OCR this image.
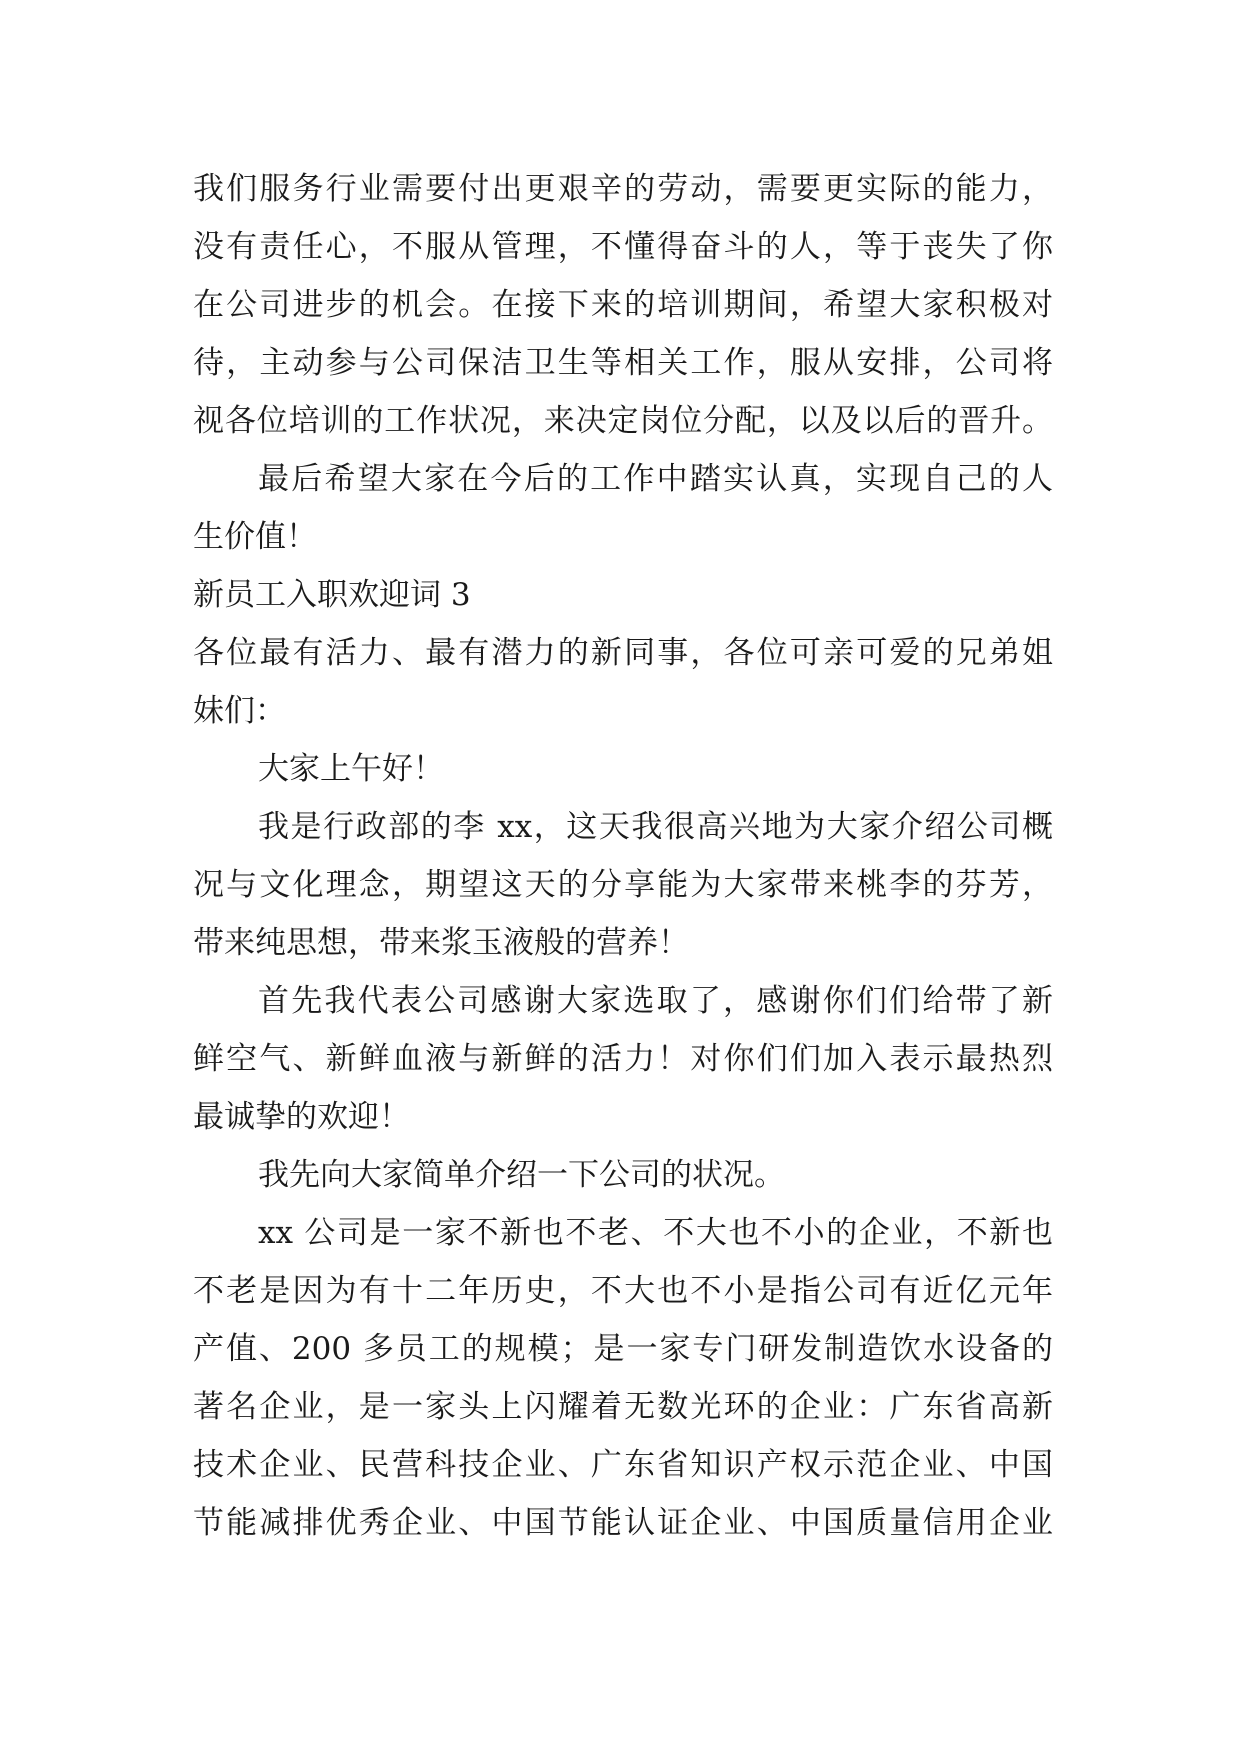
我们服务行业需要付出更艰辛的劳动，需要更实际的能力，
没有责任心，不服从管理，不懂得奋斗的人，等于丧失了你
在公司进步的机会。在接下来的培训期间，希望大家积极对
待，主动参与公司保洁卫生等相关工作，服从安排，公司将
视各位培训的工作状况，来决定岗位分配，以及以后的晋升。
最后希望大家在今后的工作中踏实认真，实现自己的人
生价值！
新员工入职欢迎词 3
各位最有活力、最有潜力的新同事，各位可亲可爱的兄弟姐
妹们：
大家上午好！
我是行政部的李 xx，这天我很高兴地为大家介绍公司概
况与文化理念，期望这天的分享能为大家带来桃李的芬芳，
带来纯思想，带来浆玉液般的营养！
首先我代表公司感谢大家选取了，感谢你们们给带了新
鲜空气、新鲜血液与新鲜的活力！对你们们加入表示最热烈
最诚挚的欢迎！
我先向大家简单介绍一下公司的状况。
xx 公司是一家不新也不老、不大也不小的企业，不新也
不老是因为有十二年历史，不大也不小是指公司有近亿元年
产值、200 多员工的规模；是一家专门研发制造饮水设备的
著名企业，是一家头上闪耀着无数光环的企业：广东省高新
技术企业、民营科技企业、广东省知识产权示范企业、中国
节能减排优秀企业、中国节能认证企业、中国质量信用企业
